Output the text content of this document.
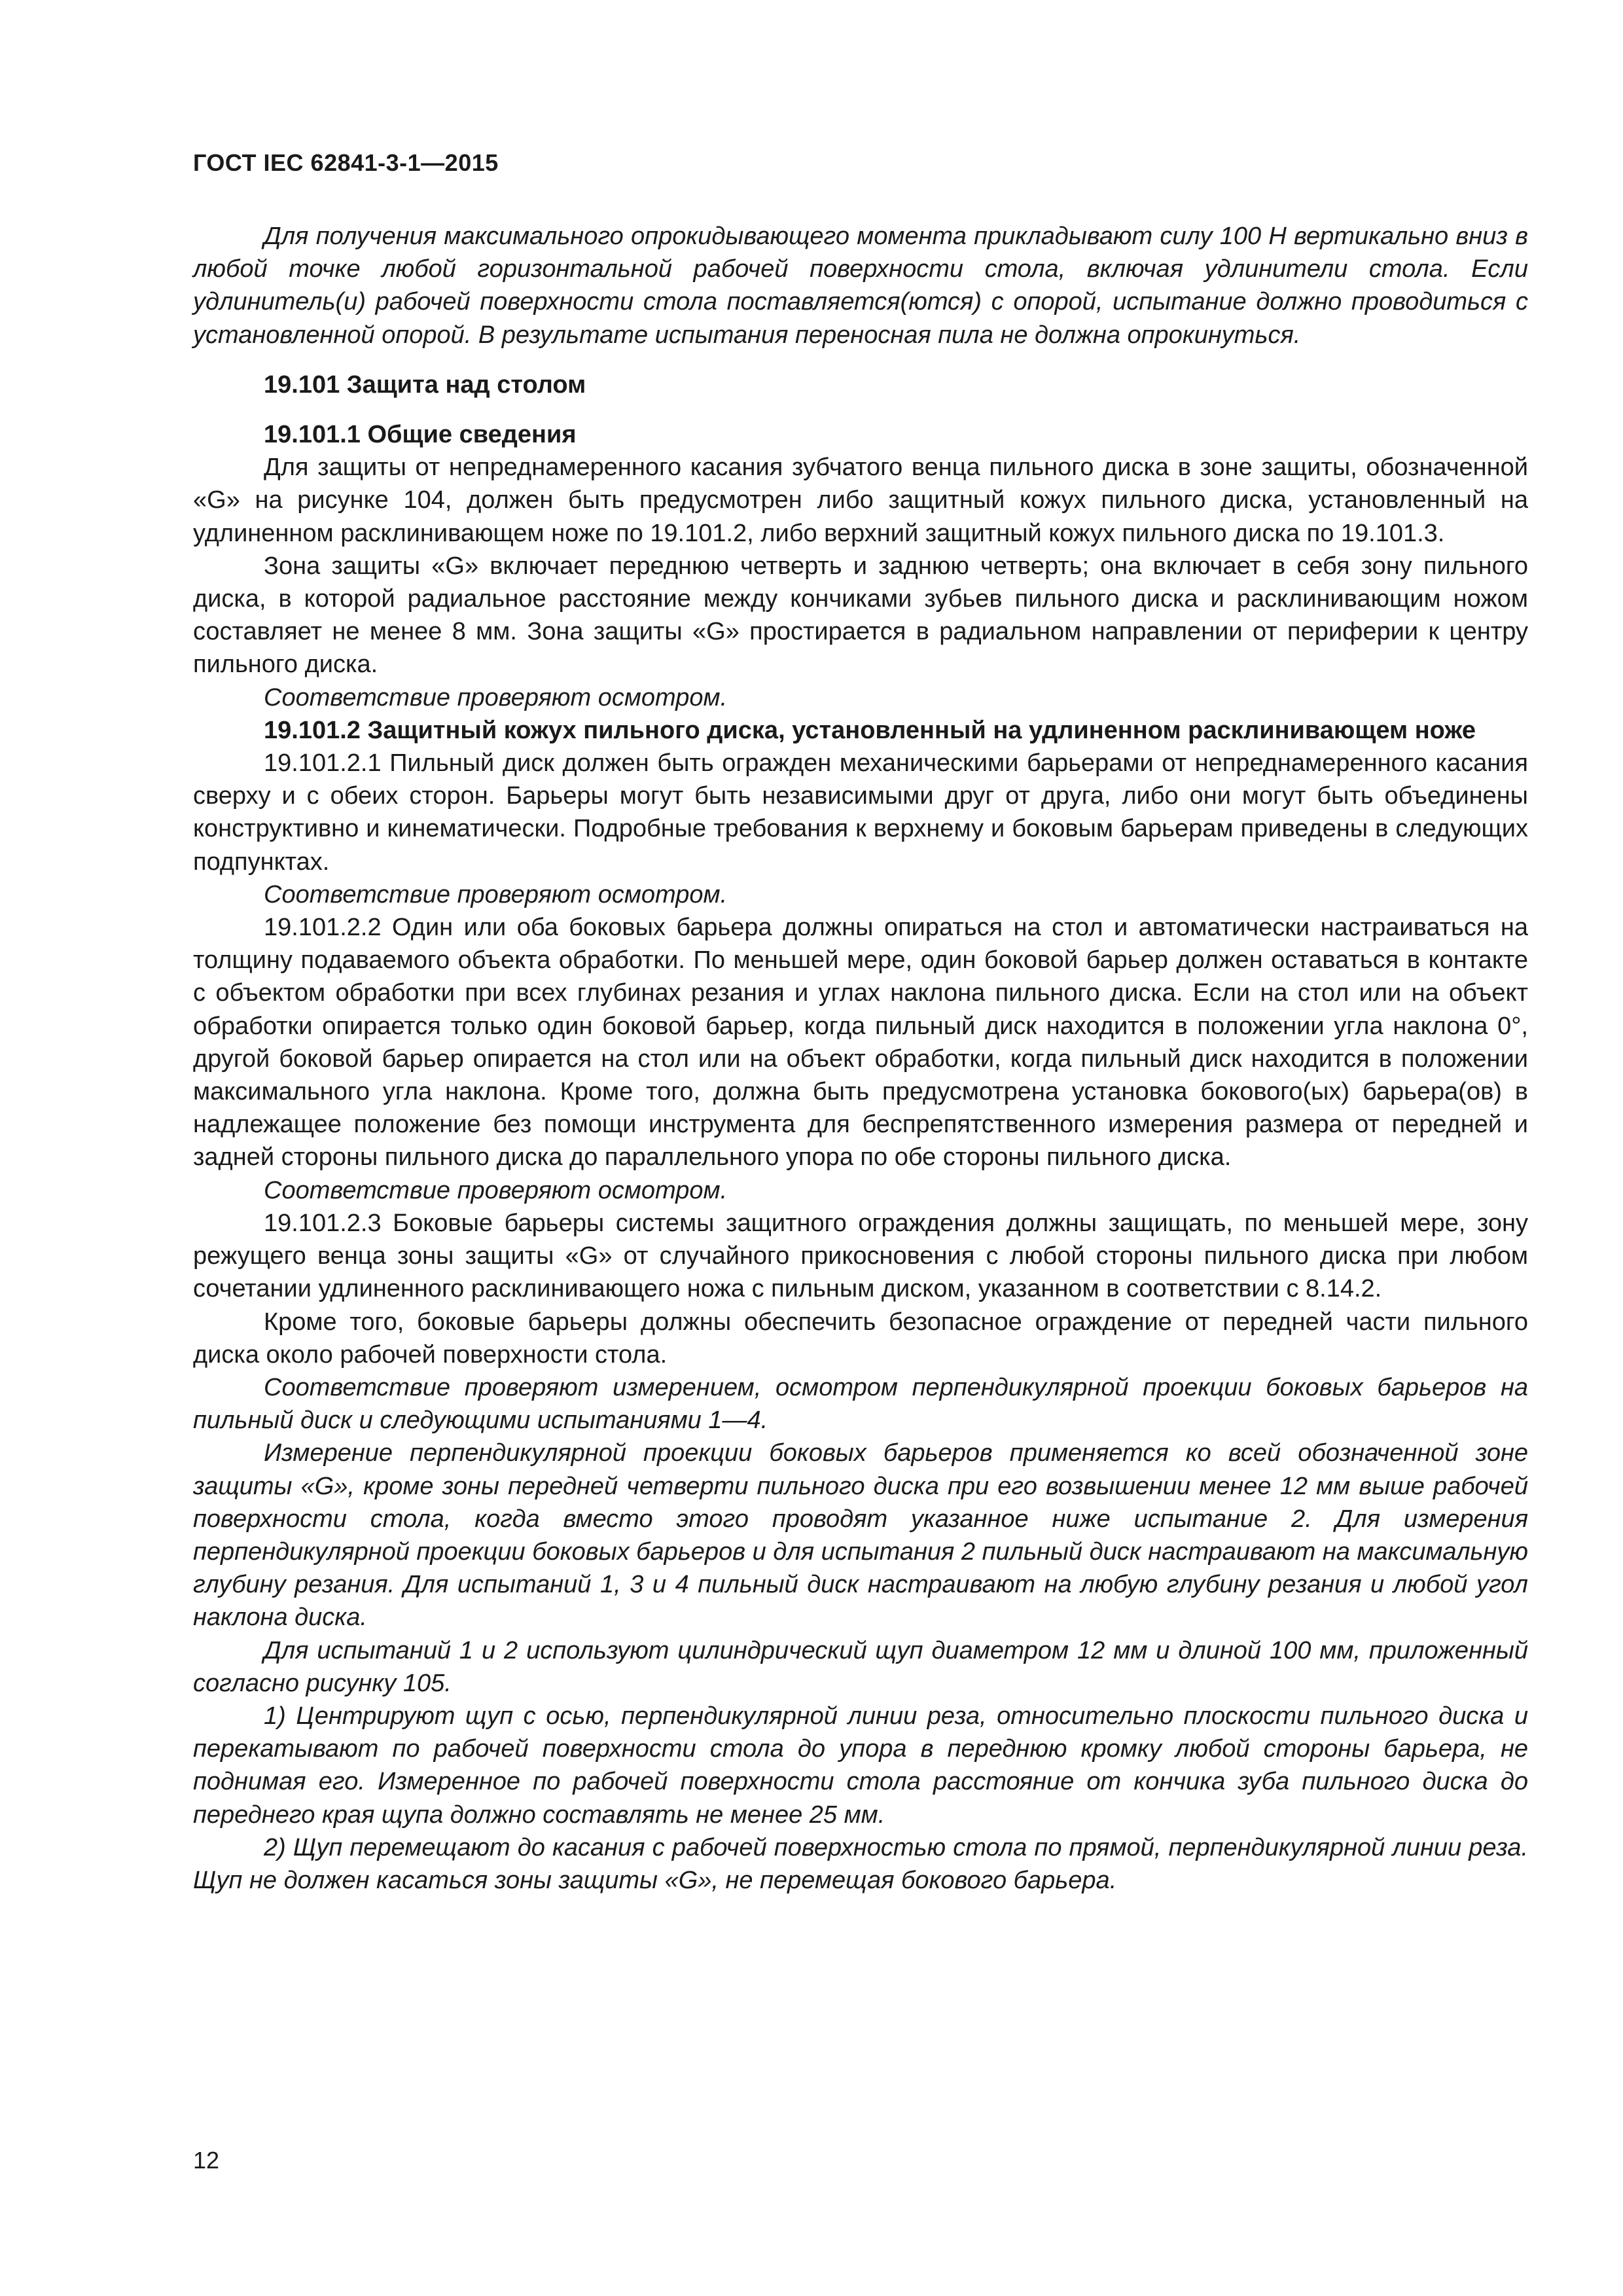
ГОСТ IEC 62841-3-1—2015

Для получения максимального опрокидывающего момента прикладывают силу 100 Н вертикально вниз в любой точке любой горизонтальной рабочей поверхности стола, включая удлинители стола. Если удлинитель(и) рабочей поверхности стола поставляется(ются) с опорой, испытание должно проводиться с установленной опорой. В результате испытания переносная пила не должна опрокинуться.

19.101 Защита над столом
19.101.1 Общие сведения

Для защиты от непреднамеренного касания зубчатого венца пильного диска в зоне защиты, обозначенной «G» на рисунке 104, должен быть предусмотрен либо защитный кожух пильного диска, установленный на удлиненном расклинивающем ноже по 19.101.2, либо верхний защитный кожух пильного диска по 19.101.3.

Зона защиты «G» включает переднюю четверть и заднюю четверть; она включает в себя зону пильного диска, в которой радиальное расстояние между кончиками зубьев пильного диска и расклинивающим ножом составляет не менее 8 мм. Зона защиты «G» простирается в радиальном направлении от периферии к центру пильного диска.

Соответствие проверяют осмотром.

19.101.2 Защитный кожух пильного диска, установленный на удлиненном расклинивающем ноже

19.101.2.1 Пильный диск должен быть огражден механическими барьерами от непреднамеренного касания сверху и с обеих сторон. Барьеры могут быть независимыми друг от друга, либо они могут быть объединены конструктивно и кинематически. Подробные требования к верхнему и боковым барьерам приведены в следующих подпунктах.

Соответствие проверяют осмотром.

19.101.2.2 Один или оба боковых барьера должны опираться на стол и автоматически настраиваться на толщину подаваемого объекта обработки. По меньшей мере, один боковой барьер должен оставаться в контакте с объектом обработки при всех глубинах резания и углах наклона пильного диска. Если на стол или на объект обработки опирается только один боковой барьер, когда пильный диск находится в положении угла наклона 0°, другой боковой барьер опирается на стол или на объект обработки, когда пильный диск находится в положении максимального угла наклона. Кроме того, должна быть предусмотрена установка бокового(ых) барьера(ов) в надлежащее положение без помощи инструмента для беспрепятственного измерения размера от передней и задней стороны пильного диска до параллельного упора по обе стороны пильного диска.

Соответствие проверяют осмотром.

19.101.2.3 Боковые барьеры системы защитного ограждения должны защищать, по меньшей мере, зону режущего венца зоны защиты «G» от случайного прикосновения с любой стороны пильного диска при любом сочетании удлиненного расклинивающего ножа с пильным диском, указанном в соответствии с 8.14.2.

Кроме того, боковые барьеры должны обеспечить безопасное ограждение от передней части пильного диска около рабочей поверхности стола.

Соответствие проверяют измерением, осмотром перпендикулярной проекции боковых барьеров на пильный диск и следующими испытаниями 1—4.

Измерение перпендикулярной проекции боковых барьеров применяется ко всей обозначенной зоне защиты «G», кроме зоны передней четверти пильного диска при его возвышении менее 12 мм выше рабочей поверхности стола, когда вместо этого проводят указанное ниже испытание 2. Для измерения перпендикулярной проекции боковых барьеров и для испытания 2 пильный диск настраивают на максимальную глубину резания. Для испытаний 1, 3 и 4 пильный диск настраивают на любую глубину резания и любой угол наклона диска.

Для испытаний 1 и 2 используют цилиндрический щуп диаметром 12 мм и длиной 100 мм, приложенный согласно рисунку 105.

1) Центрируют щуп с осью, перпендикулярной линии реза, относительно плоскости пильного диска и перекатывают по рабочей поверхности стола до упора в переднюю кромку любой стороны барьера, не поднимая его. Измеренное по рабочей поверхности стола расстояние от кончика зуба пильного диска до переднего края щупа должно составлять не менее 25 мм.

2) Щуп перемещают до касания с рабочей поверхностью стола по прямой, перпендикулярной линии реза. Щуп не должен касаться зоны защиты «G», не перемещая бокового барьера.

12
